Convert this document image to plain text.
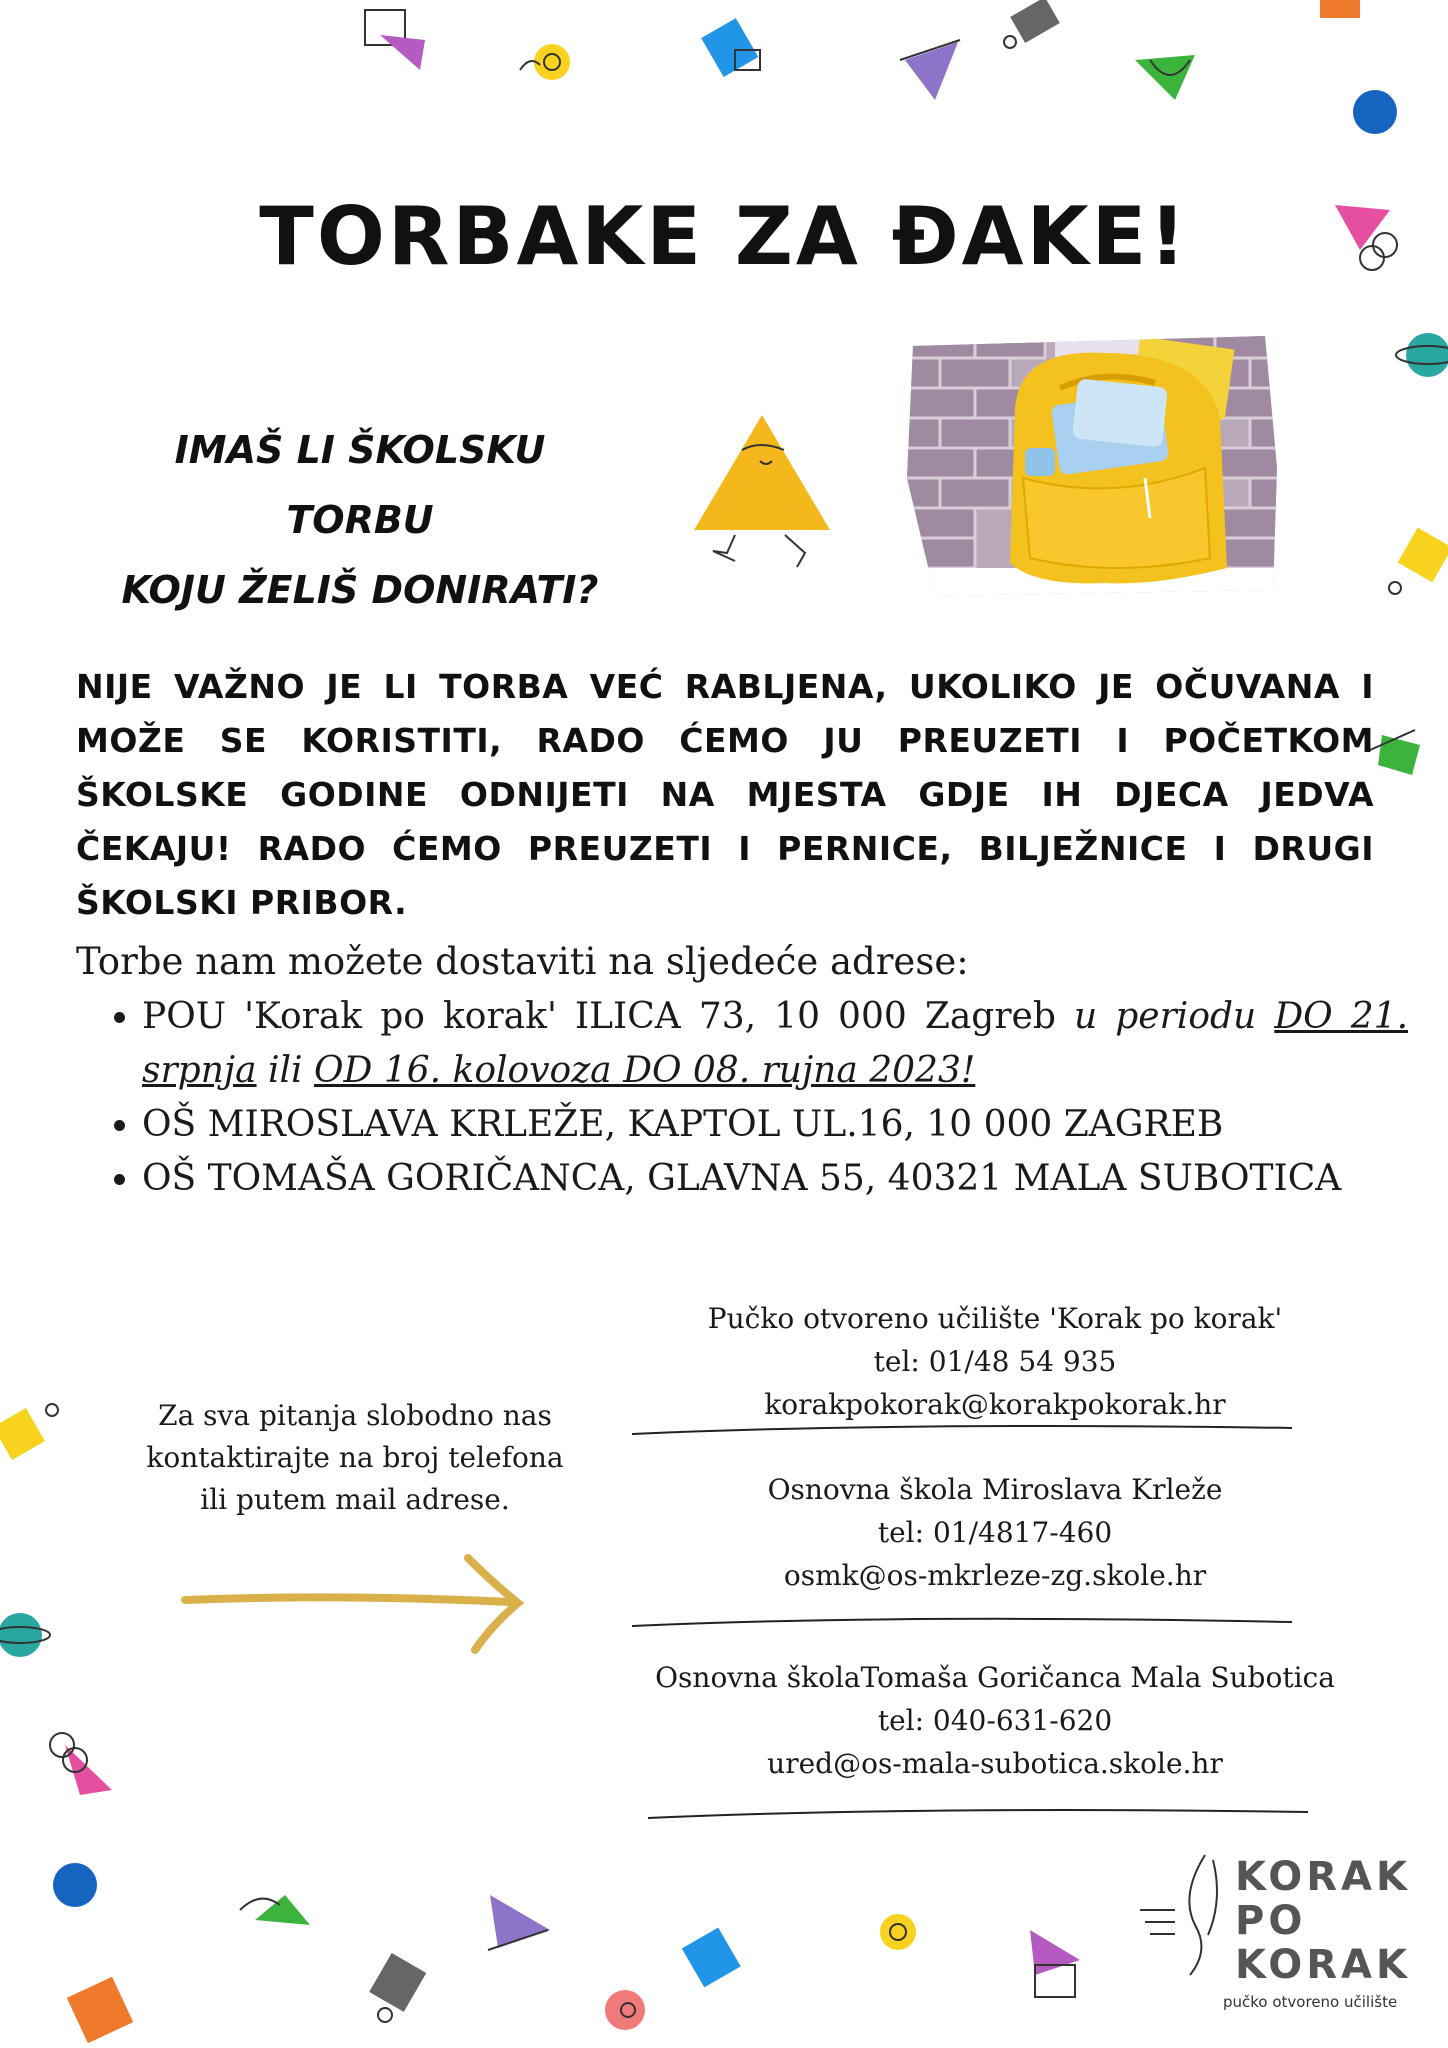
TORBAKE ZA ĐAKE!
IMAŠ LI ŠKOLSKU TORBU
KOJU ŽELIŠ DONIRATI?
NIJE VAŽNO JE LI TORBA VEĆ RABLJENA, UKOLIKO JE OČUVANA I MOŽE SE KORISTITI, RADO ĆEMO JU PREUZETI I POČETKOM ŠKOLSKE GODINE ODNIJETI NA MJESTA GDJE IH DJECA JEDVA ČEKAJU! RADO ĆEMO PREUZETI I PERNICE, BILJEŽNICE I DRUGI ŠKOLSKI PRIBOR.
Torbe nam možete dostaviti na sljedeće adrese:
• POU 'Korak po korak' ILICA 73, 10 000 Zagreb u periodu DO 21. srpnja ili OD 16. kolovoza DO 08. rujna 2023!
• OŠ MIROSLAVA KRLEŽE, KAPTOL UL.16, 10 000 ZAGREB
• OŠ TOMAŠA GORIČANCA, GLAVNA 55, 40321 MALA SUBOTICA
Za sva pitanja slobodno nas
kontaktirajte na broj telefona
ili putem mail adrese.
Pučko otvoreno učilište 'Korak po korak'
tel: 01/48 54 935
korakpokorak@korakpokorak.hr
Osnovna škola Miroslava Krleže
tel: 01/4817-460
osmk@os-mkrleze-zg.skole.hr
Osnovna školaTomaša Goričanca Mala Subotica
tel: 040-631-620
ured@os-mala-subotica.skole.hr
KORAK
PO
KORAK
pučko otvoreno učilište
